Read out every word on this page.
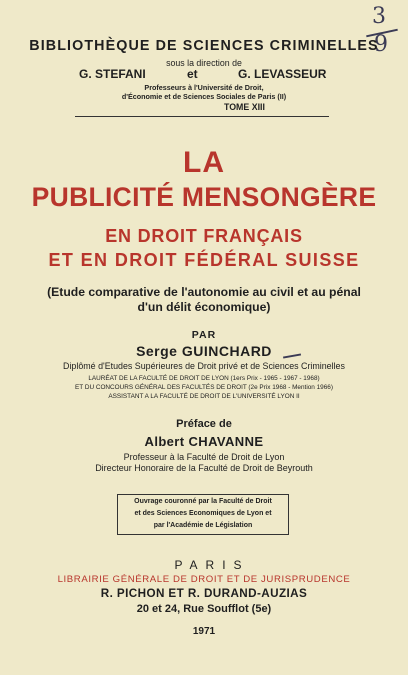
3
9
BIBLIOTHÈQUE DE SCIENCES CRIMINELLES
sous la direction de
G. STEFANI	et	G. LEVASSEUR
Professeurs à l'Université de Droit,
d'Économie et de Sciences Sociales de Paris (II)
TOME XIII
LA
PUBLICITÉ MENSONGÈRE
EN DROIT FRANÇAIS
ET EN DROIT FÉDÉRAL SUISSE
(Etude comparative de l'autonomie au civil et au pénal
d'un délit économique)
PAR
Serge GUINCHARD
Diplômé d'Etudes Supérieures de Droit privé et de Sciences Criminelles
LAURÉAT DE LA FACULTÉ DE DROIT DE LYON (1ers Prix - 1965 - 1967 - 1968)
ET DU CONCOURS GÉNÉRAL DES FACULTÉS DE DROIT (2e Prix 1968 - Mention 1966)
ASSISTANT A LA FACULTÉ DE DROIT DE L'UNIVERSITÉ LYON II
Préface de
Albert CHAVANNE
Professeur à la Faculté de Droit de Lyon
Directeur Honoraire de la Faculté de Droit de Beyrouth
Ouvrage couronné par la Faculté de Droit
et des Sciences Economiques de Lyon et
par l'Académie de Législation
PARIS
LIBRAIRIE GÉNÉRALE DE DROIT ET DE JURISPRUDENCE
R. PICHON ET R. DURAND-AUZIAS
20 et 24, Rue Soufflot (5e)
1971
